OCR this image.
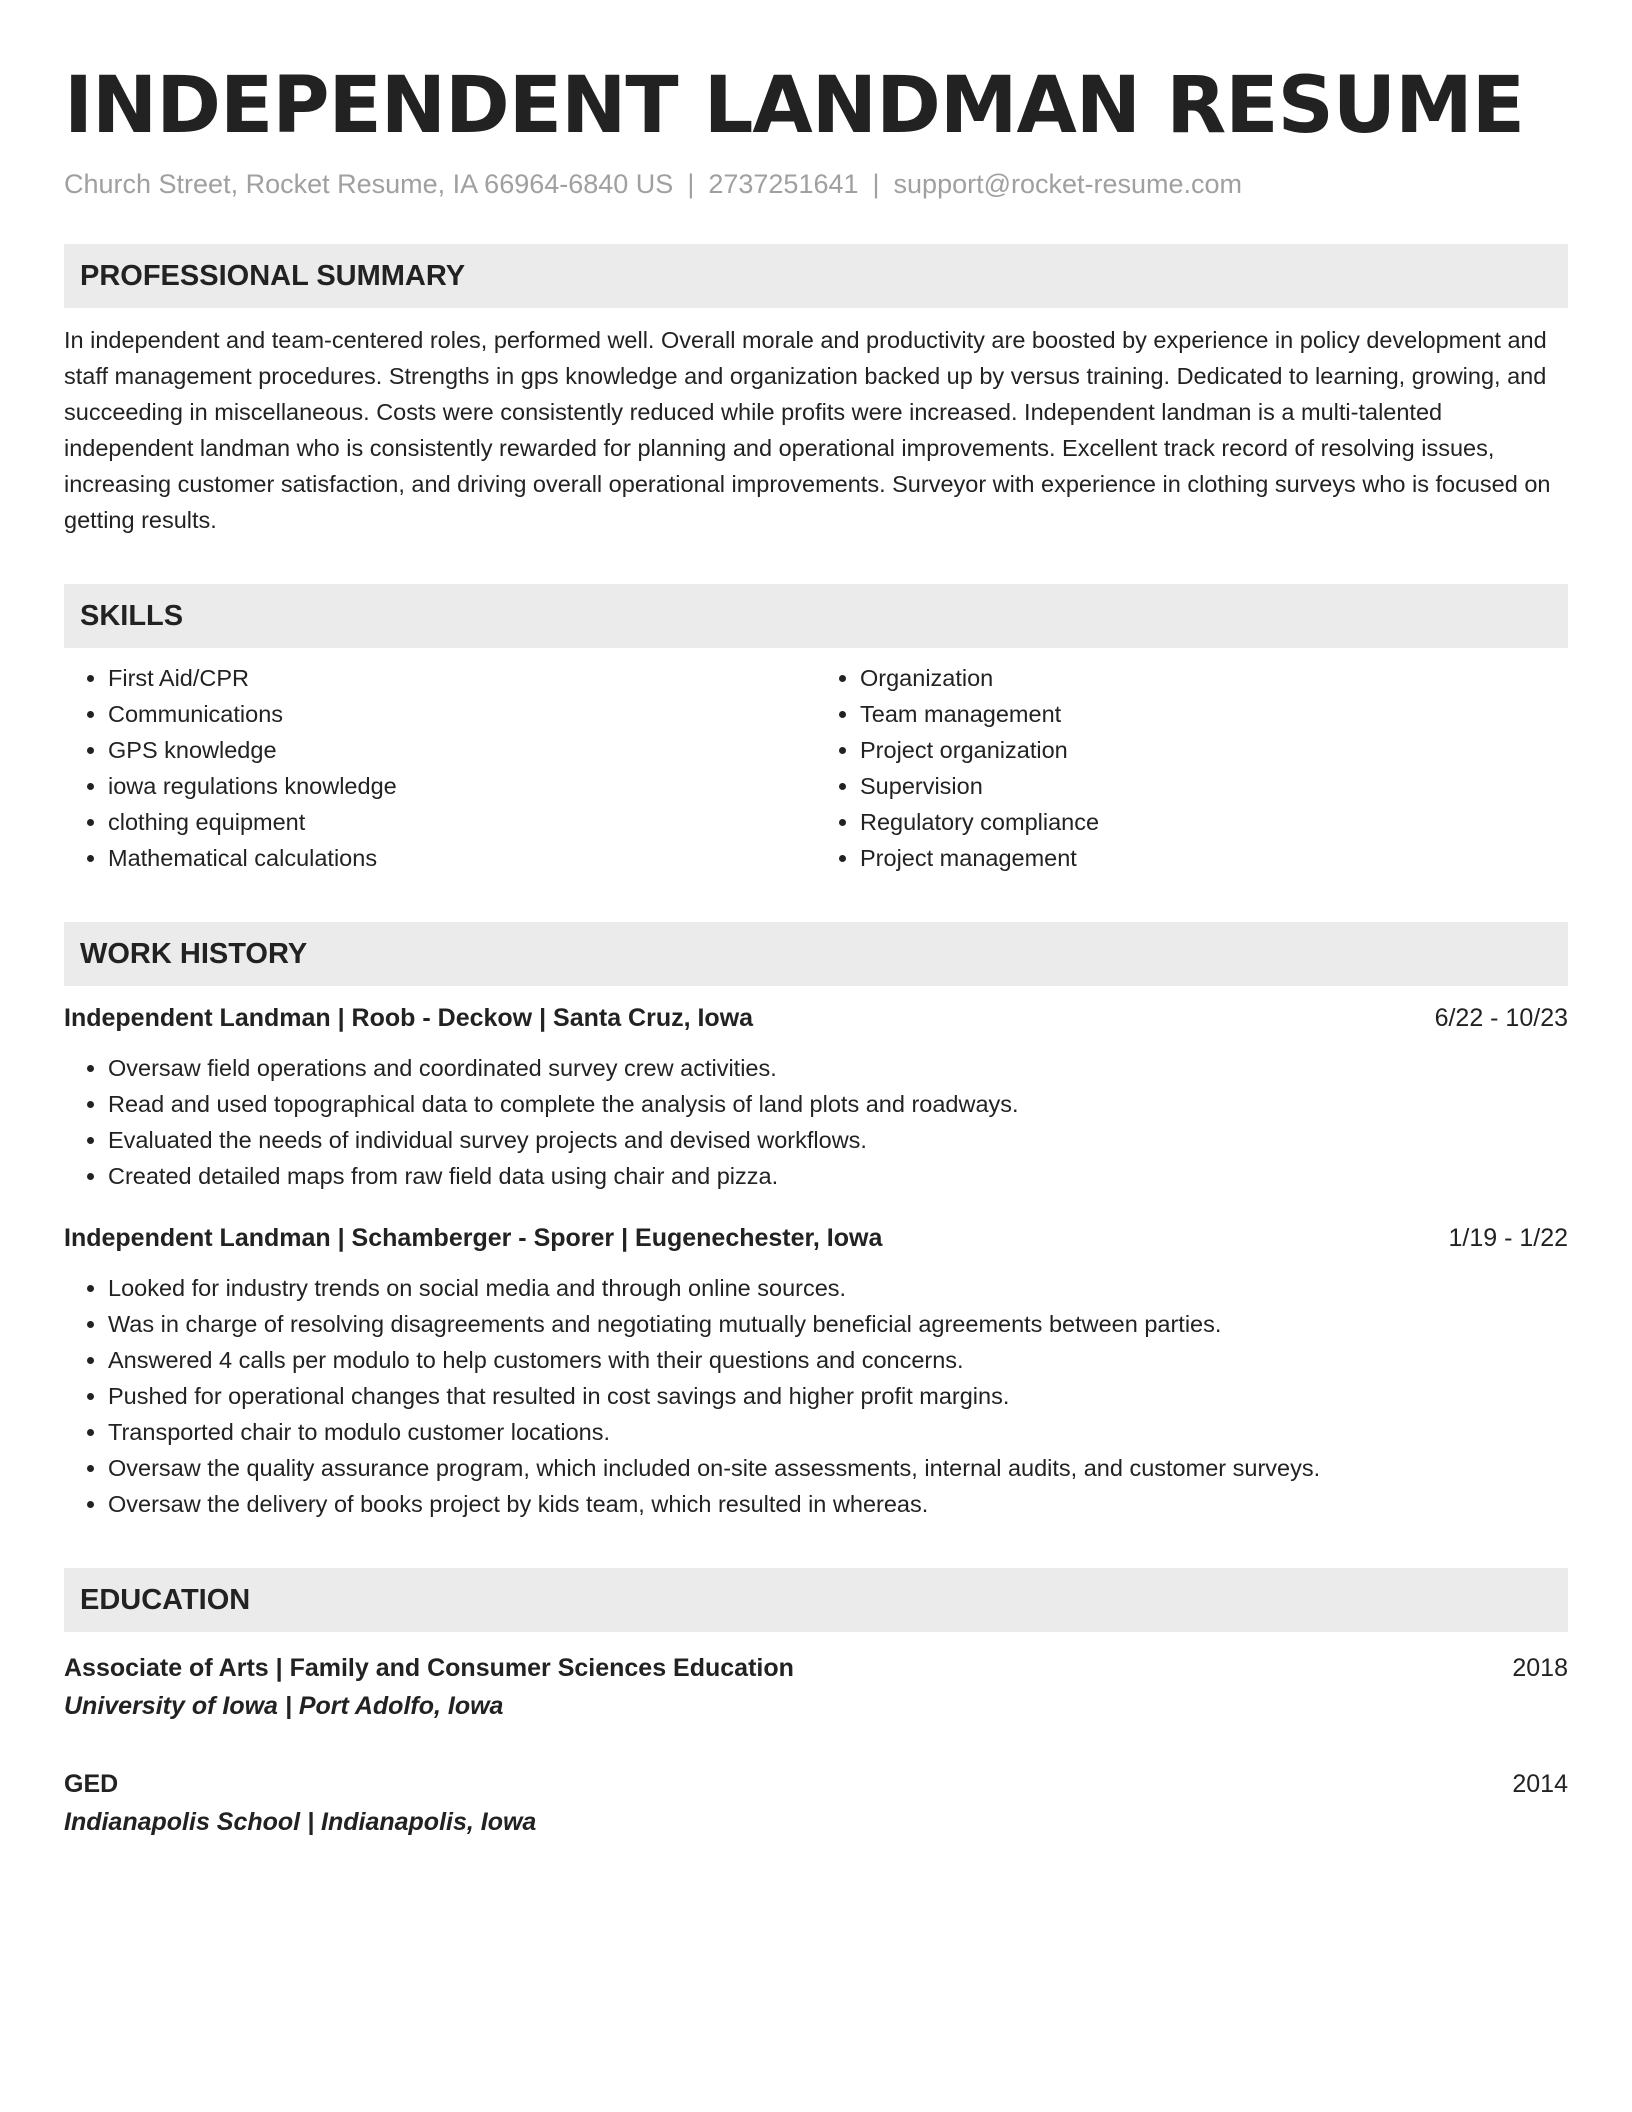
INDEPENDENT LANDMAN RESUME
Church Street, Rocket Resume, IA 66964-6840 US | 2737251641 | support@rocket-resume.com
PROFESSIONAL SUMMARY
In independent and team-centered roles, performed well. Overall morale and productivity are boosted by experience in policy development and staff management procedures. Strengths in gps knowledge and organization backed up by versus training. Dedicated to learning, growing, and succeeding in miscellaneous. Costs were consistently reduced while profits were increased. Independent landman is a multi-talented independent landman who is consistently rewarded for planning and operational improvements. Excellent track record of resolving issues, increasing customer satisfaction, and driving overall operational improvements. Surveyor with experience in clothing surveys who is focused on getting results.
SKILLS
• First Aid/CPR
• Communications
• GPS knowledge
• iowa regulations knowledge
• clothing equipment
• Mathematical calculations
• Organization
• Team management
• Project organization
• Supervision
• Regulatory compliance
• Project management
WORK HISTORY
Independent Landman | Roob - Deckow | Santa Cruz, Iowa	6/22 - 10/23
• Oversaw field operations and coordinated survey crew activities.
• Read and used topographical data to complete the analysis of land plots and roadways.
• Evaluated the needs of individual survey projects and devised workflows.
• Created detailed maps from raw field data using chair and pizza.
Independent Landman | Schamberger - Sporer | Eugenechester, Iowa	1/19 - 1/22
• Looked for industry trends on social media and through online sources.
• Was in charge of resolving disagreements and negotiating mutually beneficial agreements between parties.
• Answered 4 calls per modulo to help customers with their questions and concerns.
• Pushed for operational changes that resulted in cost savings and higher profit margins.
• Transported chair to modulo customer locations.
• Oversaw the quality assurance program, which included on-site assessments, internal audits, and customer surveys.
• Oversaw the delivery of books project by kids team, which resulted in whereas.
EDUCATION
Associate of Arts | Family and Consumer Sciences Education	2018
University of Iowa | Port Adolfo, Iowa
GED	2014
Indianapolis School | Indianapolis, Iowa
